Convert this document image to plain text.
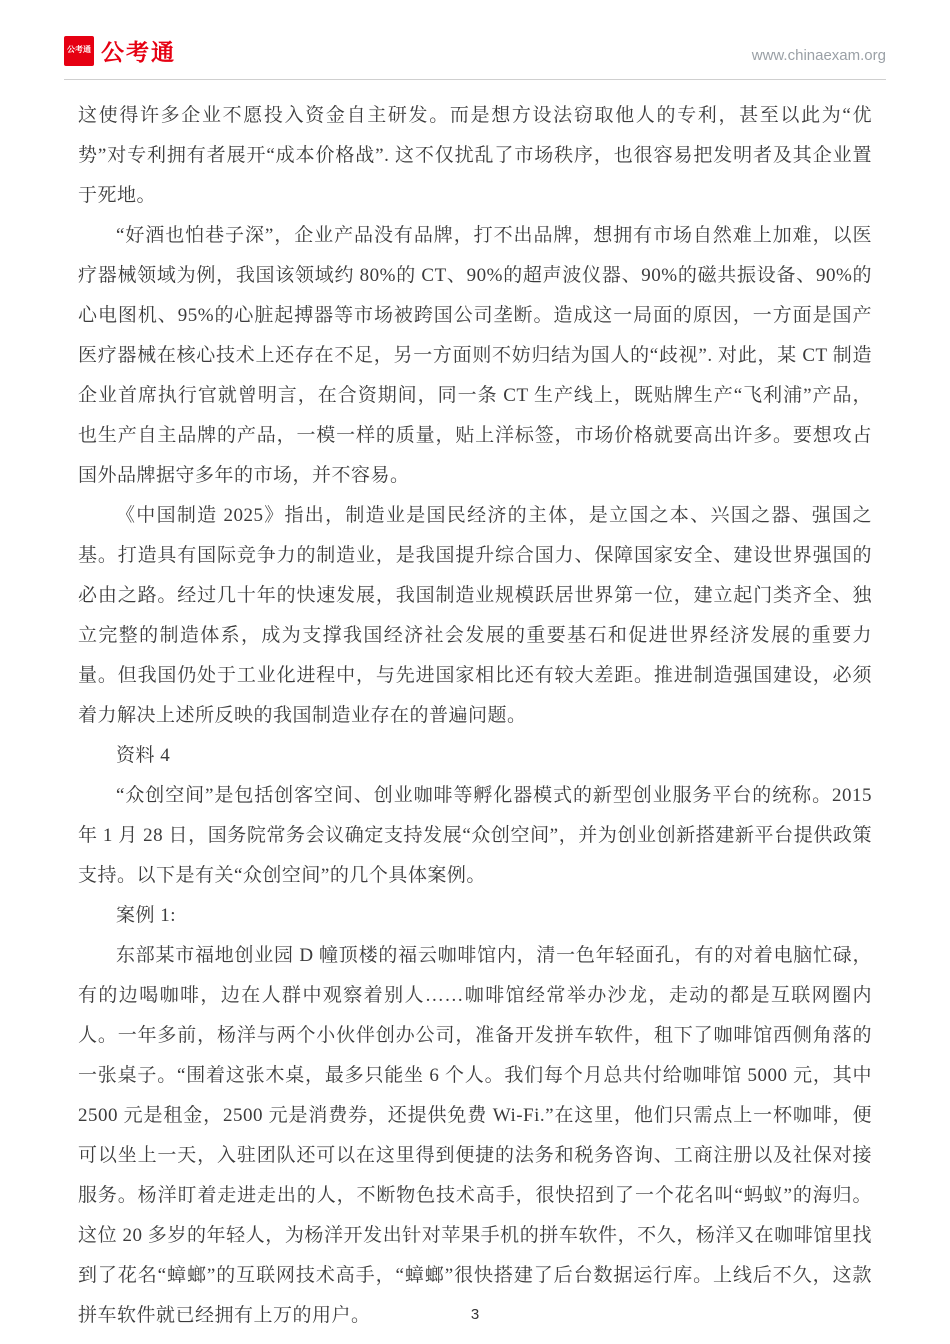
公考通 公考通	www.chinaexam.org

这使得许多企业不愿投入资金自主研发。而是想方设法窃取他人的专利，甚至以此为“优势”对专利拥有者展开“成本价格战”. 这不仅扰乱了市场秩序，也很容易把发明者及其企业置于死地。

“好酒也怕巷子深”，企业产品没有品牌，打不出品牌，想拥有市场自然难上加难，以医疗器械领域为例，我国该领域约 80%的 CT、90%的超声波仪器、90%的磁共振设备、90%的心电图机、95%的心脏起搏器等市场被跨国公司垄断。造成这一局面的原因，一方面是国产医疗器械在核心技术上还存在不足，另一方面则不妨归结为国人的“歧视”. 对此，某 CT 制造企业首席执行官就曾明言，在合资期间，同一条 CT 生产线上，既贴牌生产“飞利浦”产品，也生产自主品牌的产品，一模一样的质量，贴上洋标签，市场价格就要高出许多。要想攻占国外品牌据守多年的市场，并不容易。

《中国制造 2025》指出，制造业是国民经济的主体，是立国之本、兴国之器、强国之基。打造具有国际竞争力的制造业，是我国提升综合国力、保障国家安全、建设世界强国的必由之路。经过几十年的快速发展，我国制造业规模跃居世界第一位，建立起门类齐全、独立完整的制造体系，成为支撑我国经济社会发展的重要基石和促进世界经济发展的重要力量。但我国仍处于工业化进程中，与先进国家相比还有较大差距。推进制造强国建设，必须着力解决上述所反映的我国制造业存在的普遍问题。

资料 4

“众创空间”是包括创客空间、创业咖啡等孵化器模式的新型创业服务平台的统称。2015 年 1 月 28 日，国务院常务会议确定支持发展“众创空间”，并为创业创新搭建新平台提供政策支持。以下是有关“众创空间”的几个具体案例。

案例 1:

东部某市福地创业园 D 幢顶楼的福云咖啡馆内，清一色年轻面孔，有的对着电脑忙碌，有的边喝咖啡，边在人群中观察着别人……咖啡馆经常举办沙龙，走动的都是互联网圈内人。一年多前，杨洋与两个小伙伴创办公司，准备开发拼车软件，租下了咖啡馆西侧角落的一张桌子。“围着这张木桌，最多只能坐 6 个人。我们每个月总共付给咖啡馆 5000 元，其中 2500 元是租金，2500 元是消费券，还提供免费 Wi-Fi.”在这里，他们只需点上一杯咖啡，便可以坐上一天，入驻团队还可以在这里得到便捷的法务和税务咨询、工商注册以及社保对接服务。杨洋盯着走进走出的人，不断物色技术高手，很快招到了一个花名叫“蚂蚁”的海归。这位 20 多岁的年轻人，为杨洋开发出针对苹果手机的拼车软件，不久，杨洋又在咖啡馆里找到了花名“蟑螂”的互联网技术高手，“蟑螂”很快搭建了后台数据运行库。上线后不久，这款拼车软件就已经拥有上万的用户。	3
